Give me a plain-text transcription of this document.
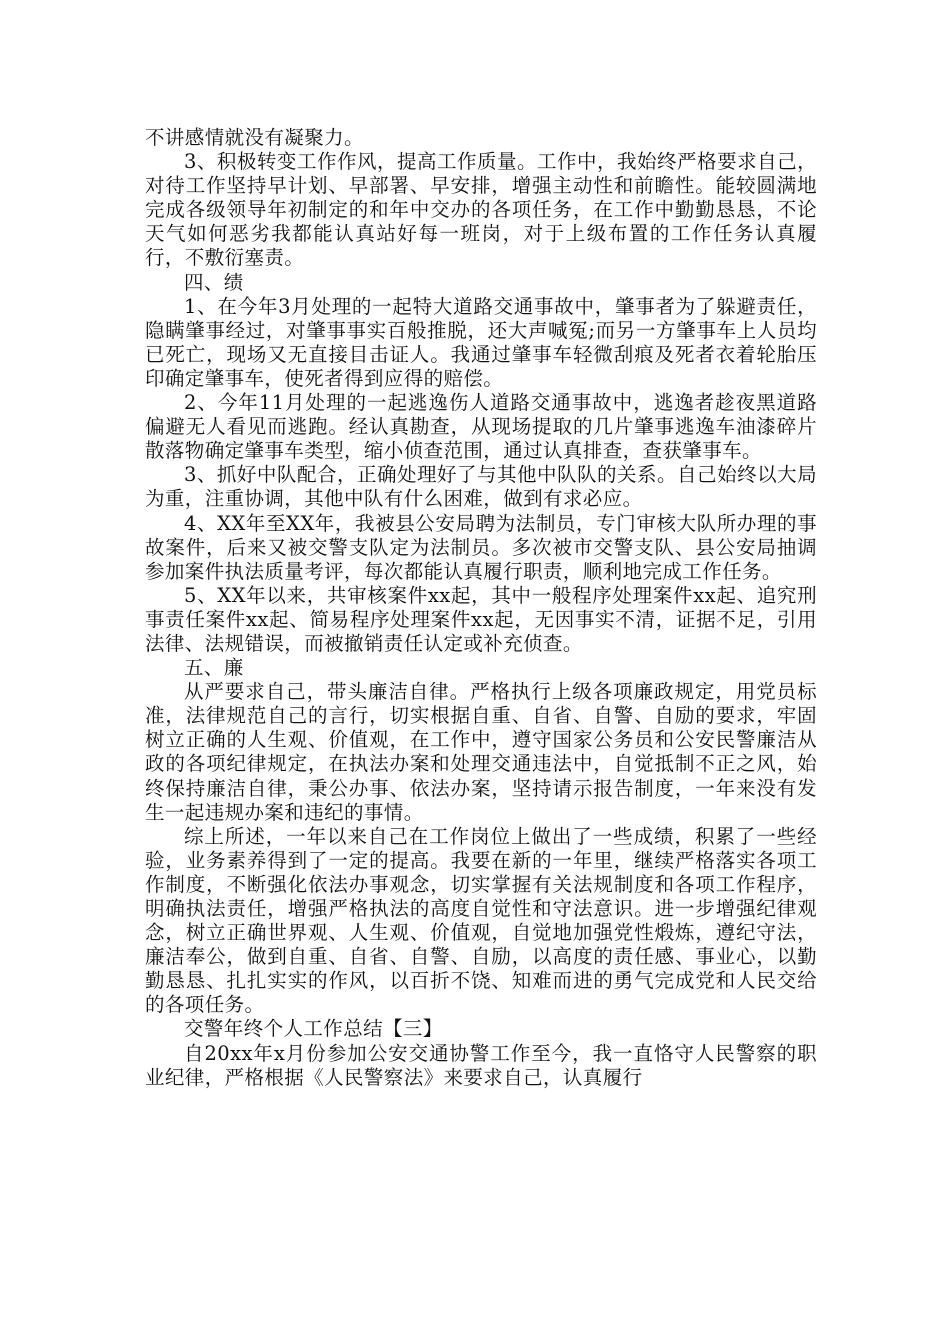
不讲感情就没有凝聚力。

3、积极转变工作作风，提高工作质量。工作中，我始终严格要求自己，对待工作坚持早计划、早部署、早安排，增强主动性和前瞻性。能较圆满地完成各级领导年初制定的和年中交办的各项任务，在工作中勤勤恳恳，不论天气如何恶劣我都能认真站好每一班岗，对于上级布置的工作任务认真履行，不敷衍塞责。

四、绩

1、在今年3月处理的一起特大道路交通事故中，肇事者为了躲避责任，隐瞒肇事经过，对肇事事实百般推脱，还大声喊冤;而另一方肇事车上人员均已死亡，现场又无直接目击证人。我通过肇事车轻微刮痕及死者衣着轮胎压印确定肇事车，使死者得到应得的赔偿。

2、今年11月处理的一起逃逸伤人道路交通事故中，逃逸者趁夜黑道路偏避无人看见而逃跑。经认真勘查，从现场提取的几片肇事逃逸车油漆碎片散落物确定肇事车类型，缩小侦查范围，通过认真排查，查获肇事车。

3、抓好中队配合，正确处理好了与其他中队队的关系。自己始终以大局为重，注重协调，其他中队有什么困难，做到有求必应。

4、XX年至XX年，我被县公安局聘为法制员，专门审核大队所办理的事故案件，后来又被交警支队定为法制员。多次被市交警支队、县公安局抽调参加案件执法质量考评，每次都能认真履行职责，顺利地完成工作任务。

5、XX年以来，共审核案件xx起，其中一般程序处理案件xx起、追究刑事责任案件xx起、简易程序处理案件xx起，无因事实不清，证据不足，引用法律、法规错误，而被撤销责任认定或补充侦查。

五、廉

从严要求自己，带头廉洁自律。严格执行上级各项廉政规定，用党员标准，法律规范自己的言行，切实根据自重、自省、自警、自励的要求，牢固树立正确的人生观、价值观，在工作中，遵守国家公务员和公安民警廉洁从政的各项纪律规定，在执法办案和处理交通违法中，自觉抵制不正之风，始终保持廉洁自律，秉公办事、依法办案，坚持请示报告制度，一年来没有发生一起违规办案和违纪的事情。

综上所述，一年以来自己在工作岗位上做出了一些成绩，积累了一些经验，业务素养得到了一定的提高。我要在新的一年里，继续严格落实各项工作制度，不断强化依法办事观念，切实掌握有关法规制度和各项工作程序，明确执法责任，增强严格执法的高度自觉性和守法意识。进一步增强纪律观念，树立正确世界观、人生观、价值观，自觉地加强党性煅炼，遵纪守法，廉洁奉公，做到自重、自省、自警、自励，以高度的责任感、事业心，以勤勤恳恳、扎扎实实的作风，以百折不饶、知难而进的勇气完成党和人民交给的各项任务。

交警年终个人工作总结【三】

自20xx年x月份参加公安交通协警工作至今，我一直恪守人民警察的职业纪律，严格根据《人民警察法》来要求自己，认真履行
